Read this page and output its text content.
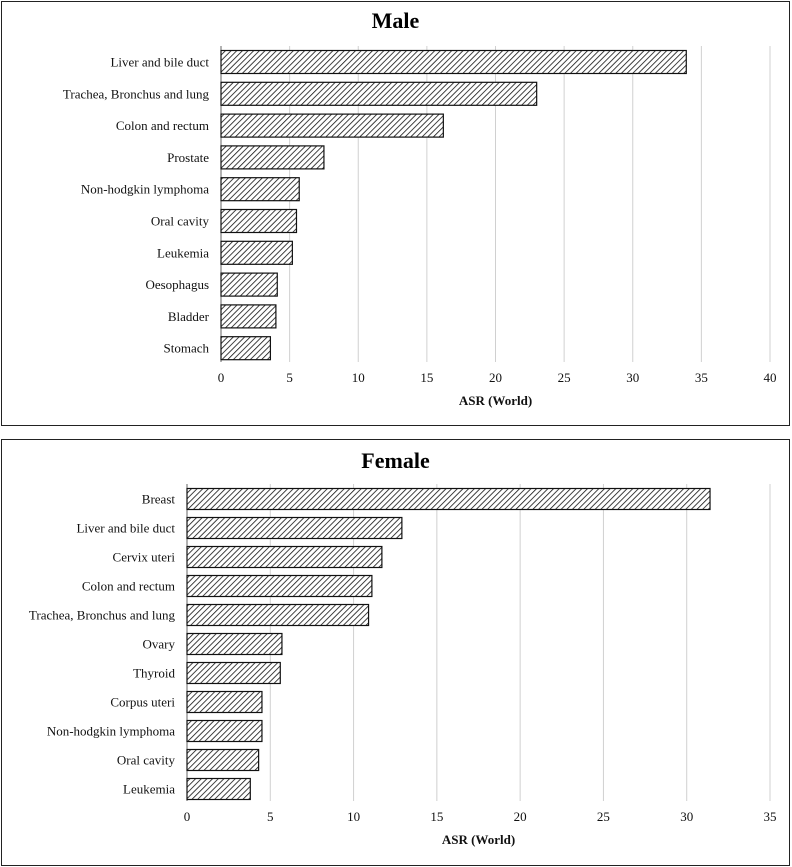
Male
0	5	10	15	20	25	30	35	40
Liver and bile duct
Trachea, Bronchus and lung
Colon and rectum
Prostate
Non-hodgkin lymphoma
Oral cavity
Leukemia
Oesophagus
Bladder
Stomach
ASR (World)
Female
0	5	10	15	20	25	30	35
Breast
Liver and bile duct
Cervix uteri
Colon and rectum
Trachea, Bronchus and lung
Ovary
Thyroid
Corpus uteri
Non-hodgkin lymphoma
Oral cavity
Leukemia
ASR (World)
